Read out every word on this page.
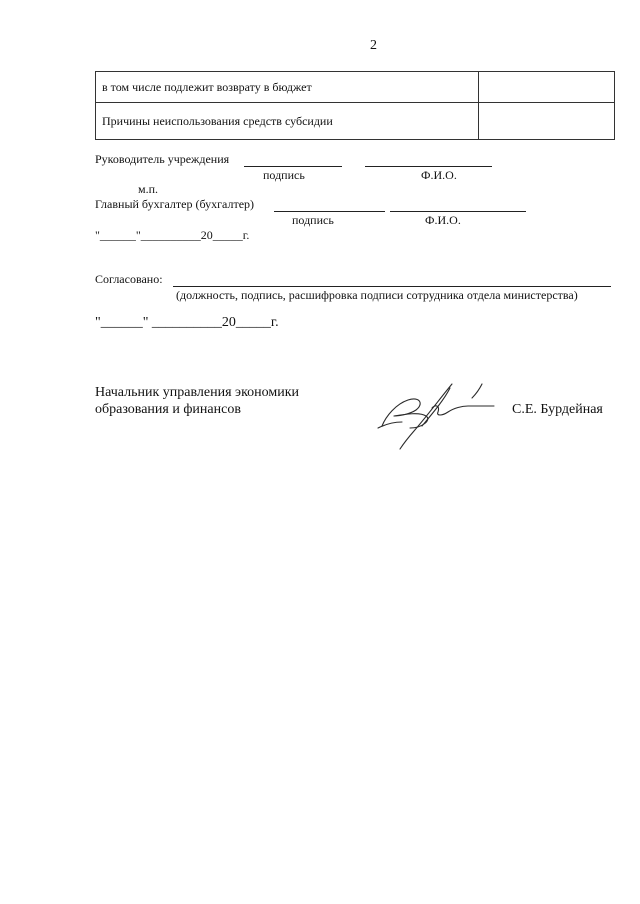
2
в том числе подлежит возврату в бюджет	
Причины неиспользования средств субсидии	
Руководитель учреждения
подпись	Ф.И.О.
м.п.
Главный бухгалтер (бухгалтер)
подпись	Ф.И.О.
"______"__________20_____г.
Согласовано:
(должность, подпись, расшифровка подписи сотрудника отдела министерства)
"______" __________20_____г.
Начальник управления экономики
образования и финансов	С.Е. Бурдейная
